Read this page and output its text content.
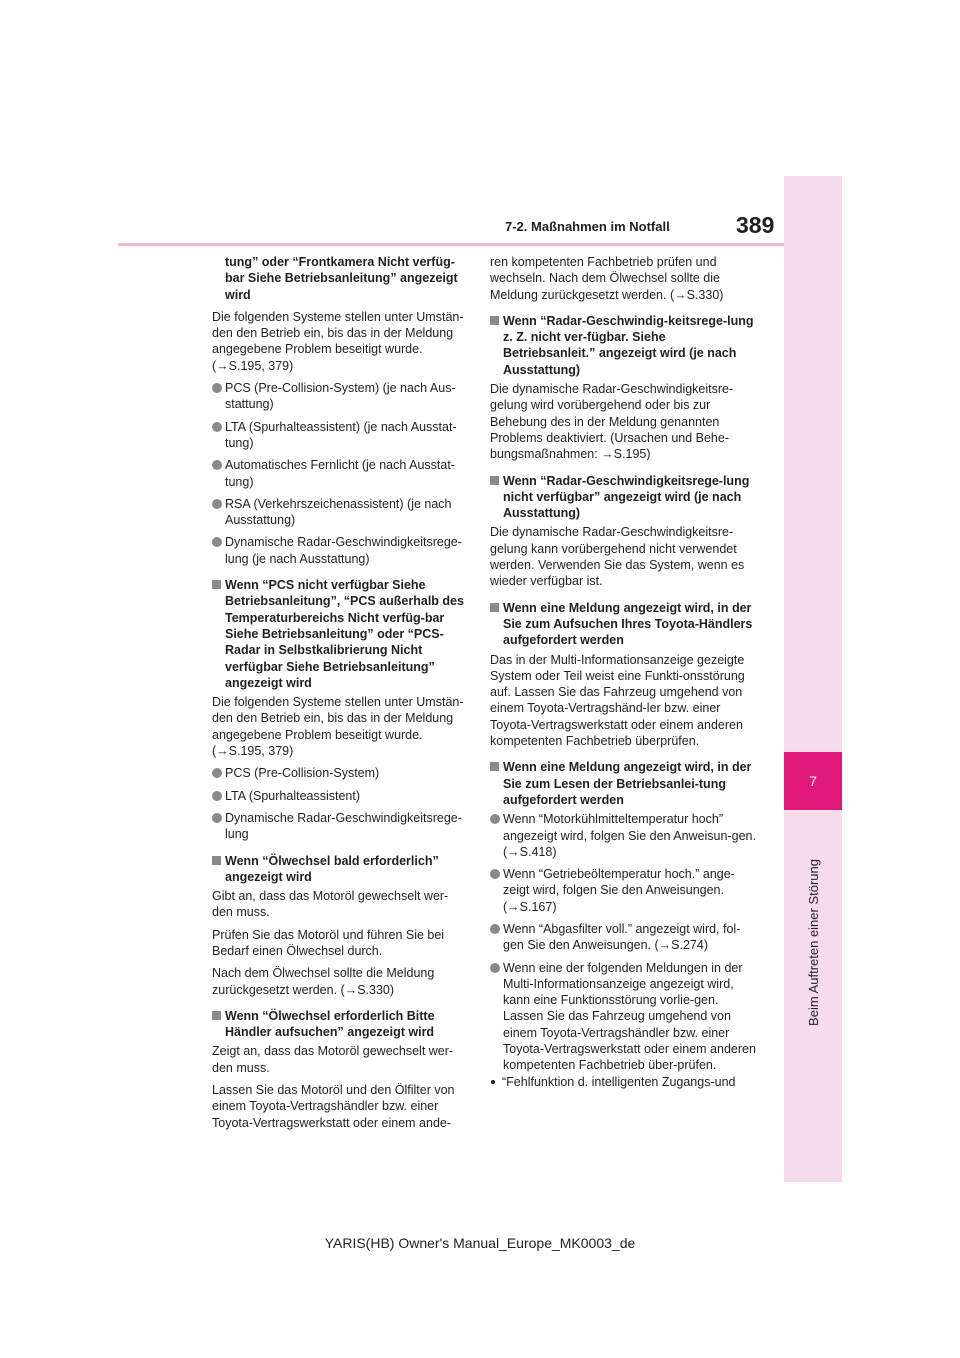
7
Beim Auftreten einer Störung
7-2. Maßnahmen im Notfall	389

tung” oder “Frontkamera Nicht verfüg-bar Siehe Betriebsanleitung” angezeigt wird

Die folgenden Systeme stellen unter Umstän-den den Betrieb ein, bis das in der Meldung angegebene Problem beseitigt wurde. (→S.195, 379)

PCS (Pre-Collision-System) (je nach Aus-stattung)
LTA (Spurhalteassistent) (je nach Ausstat-tung)
Automatisches Fernlicht (je nach Ausstat-tung)
RSA (Verkehrszeichenassistent) (je nach Ausstattung)
Dynamische Radar-Geschwindigkeitsrege-lung (je nach Ausstattung)
Wenn “PCS nicht verfügbar Siehe Betriebsanleitung”, “PCS außerhalb des Temperaturbereichs Nicht verfüg-bar Siehe Betriebsanleitung” oder “PCS-Radar in Selbstkalibrierung Nicht verfügbar Siehe Betriebsanleitung” angezeigt wird

Die folgenden Systeme stellen unter Umstän-den den Betrieb ein, bis das in der Meldung angegebene Problem beseitigt wurde. (→S.195, 379)

PCS (Pre-Collision-System)
LTA (Spurhalteassistent)
Dynamische Radar-Geschwindigkeitsrege-lung
Wenn “Ölwechsel bald erforderlich” angezeigt wird

Gibt an, dass das Motoröl gewechselt wer-den muss.

Prüfen Sie das Motoröl und führen Sie bei Bedarf einen Ölwechsel durch.

Nach dem Ölwechsel sollte die Meldung zurückgesetzt werden. (→S.330)

Wenn “Ölwechsel erforderlich Bitte Händler aufsuchen” angezeigt wird

Zeigt an, dass das Motoröl gewechselt wer-den muss.

Lassen Sie das Motoröl und den Ölfilter von einem Toyota-Vertragshändler bzw. einer Toyota-Vertragswerkstatt oder einem ande-

ren kompetenten Fachbetrieb prüfen und wechseln. Nach dem Ölwechsel sollte die Meldung zurückgesetzt werden. (→S.330)

Wenn “Radar-Geschwindig-keitsrege-lung z. Z. nicht ver-fügbar. Siehe Betriebsanleit.” angezeigt wird (je nach Ausstattung)

Die dynamische Radar-Geschwindigkeitsre-gelung wird vorübergehend oder bis zur Behebung des in der Meldung genannten Problems deaktiviert. (Ursachen und Behe-bungsmaßnahmen: →S.195)

Wenn “Radar-Geschwindigkeitsrege-lung nicht verfügbar” angezeigt wird (je nach Ausstattung)

Die dynamische Radar-Geschwindigkeitsre-gelung kann vorübergehend nicht verwendet werden. Verwenden Sie das System, wenn es wieder verfügbar ist.

Wenn eine Meldung angezeigt wird, in der Sie zum Aufsuchen Ihres Toyota-Händlers aufgefordert werden

Das in der Multi-Informationsanzeige gezeigte System oder Teil weist eine Funkti-onsstörung auf. Lassen Sie das Fahrzeug umgehend von einem Toyota-Vertragshänd-ler bzw. einer Toyota-Vertragswerkstatt oder einem anderen kompetenten Fachbetrieb überprüfen.

Wenn eine Meldung angezeigt wird, in der Sie zum Lesen der Betriebsanlei-tung aufgefordert werden
Wenn “Motorkühlmitteltemperatur hoch” angezeigt wird, folgen Sie den Anweisun-gen. (→S.418)
Wenn “Getriebeöltemperatur hoch.” ange-zeigt wird, folgen Sie den Anweisungen. (→S.167)
Wenn “Abgasfilter voll.” angezeigt wird, fol-gen Sie den Anweisungen. (→S.274)
Wenn eine der folgenden Meldungen in der Multi-Informationsanzeige angezeigt wird, kann eine Funktionsstörung vorlie-gen. Lassen Sie das Fahrzeug umgehend von einem Toyota-Vertragshändler bzw. einer Toyota-Vertragswerkstatt oder einem anderen kompetenten Fachbetrieb über-prüfen.
“Fehlfunktion d. intelligenten Zugangs-und
YARIS(HB) Owner's Manual_Europe_MK0003_de
